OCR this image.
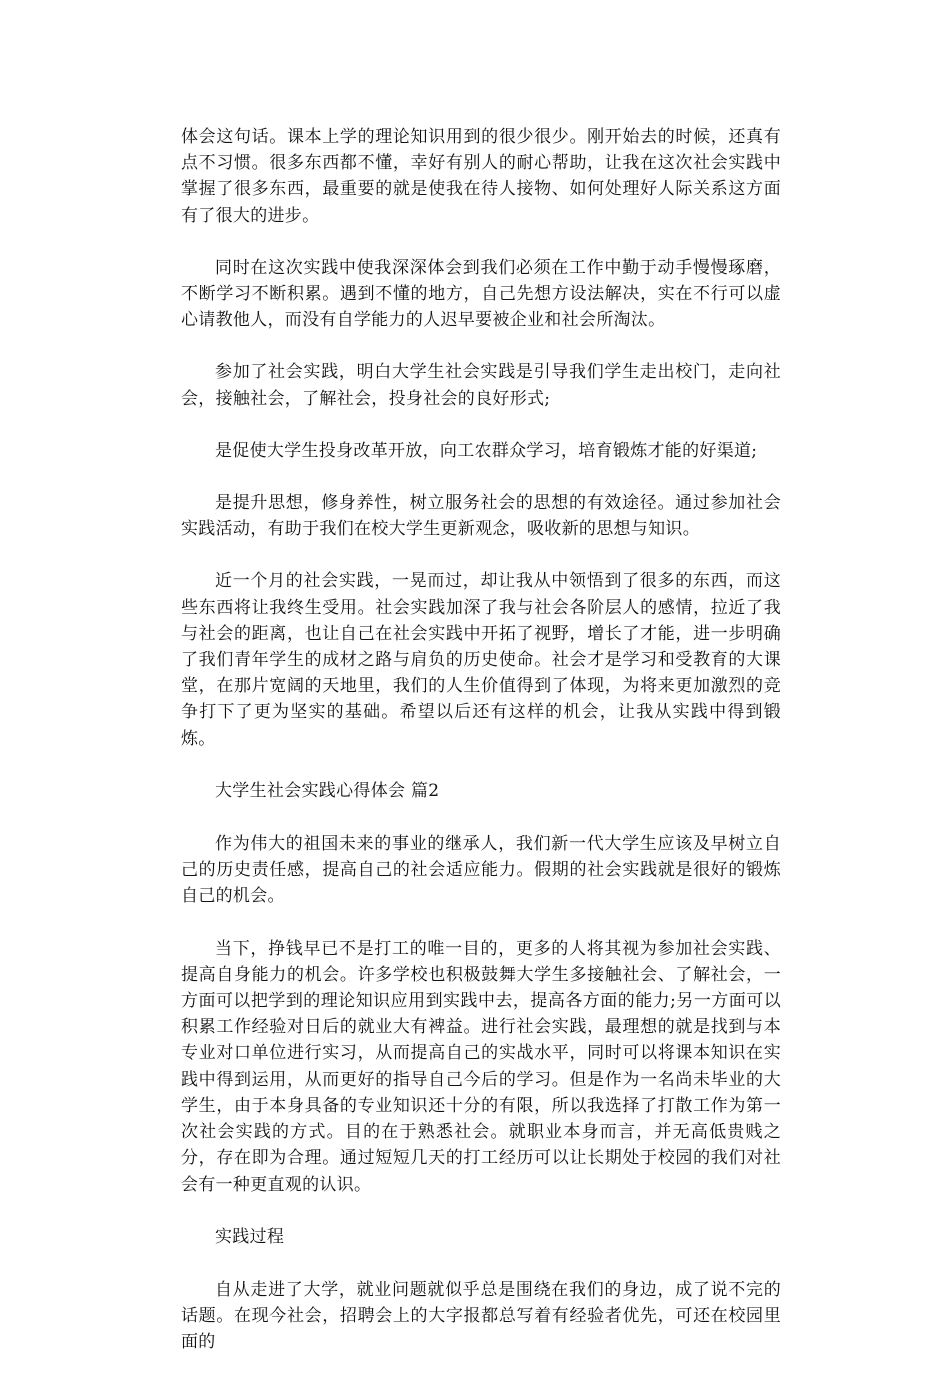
体会这句话。课本上学的理论知识用到的很少很少。刚开始去的时候，还真有点不习惯。很多东西都不懂，幸好有别人的耐心帮助，让我在这次社会实践中掌握了很多东西，最重要的就是使我在待人接物、如何处理好人际关系这方面有了很大的进步。

同时在这次实践中使我深深体会到我们必须在工作中勤于动手慢慢琢磨，不断学习不断积累。遇到不懂的地方，自己先想方设法解决，实在不行可以虚心请教他人，而没有自学能力的人迟早要被企业和社会所淘汰。

参加了社会实践，明白大学生社会实践是引导我们学生走出校门，走向社会，接触社会，了解社会，投身社会的良好形式;

是促使大学生投身改革开放，向工农群众学习，培育锻炼才能的好渠道;

是提升思想，修身养性，树立服务社会的思想的有效途径。通过参加社会实践活动，有助于我们在校大学生更新观念，吸收新的思想与知识。

近一个月的社会实践，一晃而过，却让我从中领悟到了很多的东西，而这些东西将让我终生受用。社会实践加深了我与社会各阶层人的感情，拉近了我与社会的距离，也让自己在社会实践中开拓了视野，增长了才能，进一步明确了我们青年学生的成材之路与肩负的历史使命。社会才是学习和受教育的大课堂，在那片宽阔的天地里，我们的人生价值得到了体现，为将来更加激烈的竞争打下了更为坚实的基础。希望以后还有这样的机会，让我从实践中得到锻炼。

大学生社会实践心得体会 篇2

作为伟大的祖国未来的事业的继承人，我们新一代大学生应该及早树立自己的历史责任感，提高自己的社会适应能力。假期的社会实践就是很好的锻炼自己的机会。

当下，挣钱早已不是打工的唯一目的，更多的人将其视为参加社会实践、提高自身能力的机会。许多学校也积极鼓舞大学生多接触社会、了解社会，一方面可以把学到的理论知识应用到实践中去，提高各方面的能力;另一方面可以积累工作经验对日后的就业大有裨益。进行社会实践，最理想的就是找到与本专业对口单位进行实习，从而提高自己的实战水平，同时可以将课本知识在实践中得到运用，从而更好的指导自己今后的学习。但是作为一名尚未毕业的大学生，由于本身具备的专业知识还十分的有限，所以我选择了打散工作为第一次社会实践的方式。目的在于熟悉社会。就职业本身而言，并无高低贵贱之分，存在即为合理。通过短短几天的打工经历可以让长期处于校园的我们对社会有一种更直观的认识。

实践过程

自从走进了大学，就业问题就似乎总是围绕在我们的身边，成了说不完的话题。在现今社会，招聘会上的大字报都总写着有经验者优先，可还在校园里面的
